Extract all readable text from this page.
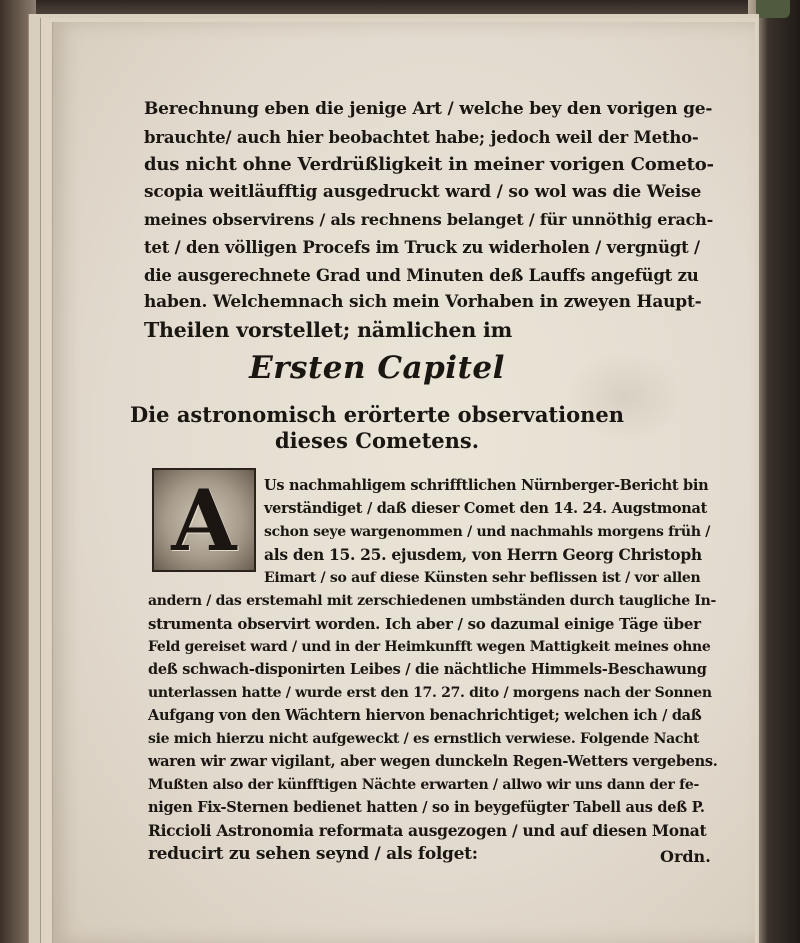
Berechnung eben die jenige Art / welche bey den vorigen ge-
brauchte/ auch hier beobachtet habe; jedoch weil der Metho-
dus nicht ohne Verdrüßligkeit in meiner vorigen Cometo-
scopia weitläufftig ausgedruckt ward / so wol was die Weise
meines observirens / als rechnens belanget / für unnöthig erach-
tet / den völligen Procefs im Truck zu widerholen / vergnügt /
die ausgerechnete Grad und Minuten deß Lauffs angefügt zu
haben. Welchemnach sich mein Vorhaben in zweyen Haupt-
Theilen vorstellet; nämlichen im
Ersten Capitel
Die astronomisch erörterte observationen
dieses Cometens.
A	Us nachmahligem schrifftlichen Nürnberger-Bericht bin
verständiget / daß dieser Comet den 14. 24. Augstmonat
schon seye wargenommen / und nachmahls morgens früh /
als den 15. 25. ejusdem, von Herrn Georg Christoph
Eimart / so auf diese Künsten sehr beflissen ist / vor allen
andern / das erstemahl mit zerschiedenen umbständen durch taugliche In-
strumenta observirt worden. Ich aber / so dazumal einige Täge über
Feld gereiset ward / und in der Heimkunfft wegen Mattigkeit meines ohne
deß schwach-disponirten Leibes / die nächtliche Himmels-Beschawung
unterlassen hatte / wurde erst den 17. 27. dito / morgens nach der Sonnen
Aufgang von den Wächtern hiervon benachrichtiget; welchen ich / daß
sie mich hierzu nicht aufgeweckt / es ernstlich verwiese. Folgende Nacht
waren wir zwar vigilant, aber wegen dunckeln Regen-Wetters vergebens.
Mußten also der künfftigen Nächte erwarten / allwo wir uns dann der fe-
nigen Fix-Sternen bedienet hatten / so in beygefügter Tabell aus deß P.
Riccioli Astronomia reformata ausgezogen / und auf diesen Monat
reducirt zu sehen seynd / als folget:	Ordn.
